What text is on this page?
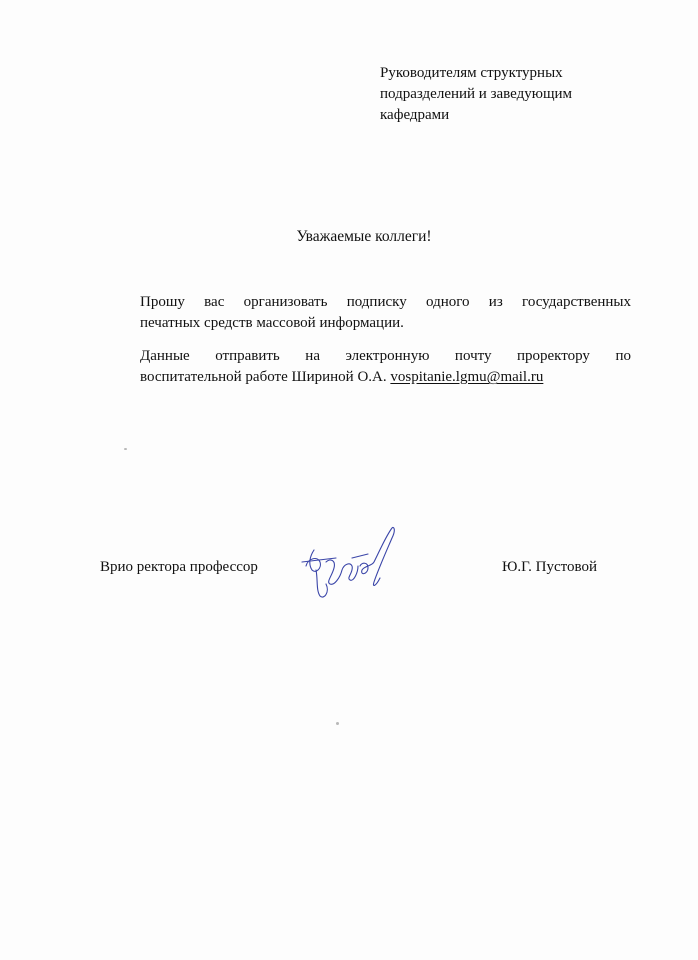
Руководителям структурных
подразделений и заведующим
кафедрами
Уважаемые коллеги!

Прошу вас организовать подписку одного из государственных
печатных средств массовой информации.

Данные отправить на электронную почту проректору по
воспитательной работе Шириной О.А. vospitanie.lgmu@mail.ru

Врио ректора профессор	Ю.Г. Пустовой
